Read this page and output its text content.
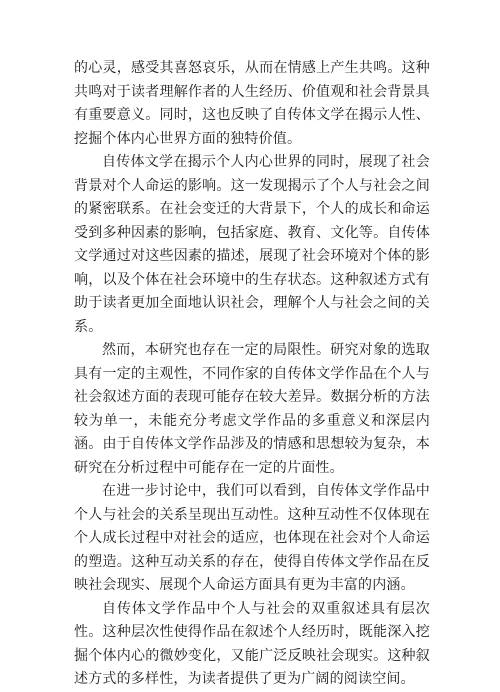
的心灵，感受其喜怒哀乐，从而在情感上产生共鸣。这种共鸣对于读者理解作者的人生经历、价值观和社会背景具有重要意义。同时，这也反映了自传体文学在揭示人性、挖掘个体内心世界方面的独特价值。

自传体文学在揭示个人内心世界的同时，展现了社会背景对个人命运的影响。这一发现揭示了个人与社会之间的紧密联系。在社会变迁的大背景下，个人的成长和命运受到多种因素的影响，包括家庭、教育、文化等。自传体文学通过对这些因素的描述，展现了社会环境对个体的影响，以及个体在社会环境中的生存状态。这种叙述方式有助于读者更加全面地认识社会，理解个人与社会之间的关系。

然而，本研究也存在一定的局限性。研究对象的选取具有一定的主观性，不同作家的自传体文学作品在个人与社会叙述方面的表现可能存在较大差异。数据分析的方法较为单一，未能充分考虑文学作品的多重意义和深层内涵。由于自传体文学作品涉及的情感和思想较为复杂，本研究在分析过程中可能存在一定的片面性。

在进一步讨论中，我们可以看到，自传体文学作品中个人与社会的关系呈现出互动性。这种互动性不仅体现在个人成长过程中对社会的适应，也体现在社会对个人命运的塑造。这种互动关系的存在，使得自传体文学作品在反映社会现实、展现个人命运方面具有更为丰富的内涵。

自传体文学作品中个人与社会的双重叙述具有层次性。这种层次性使得作品在叙述个人经历时，既能深入挖掘个体内心的微妙变化，又能广泛反映社会现实。这种叙述方式的多样性，为读者提供了更为广阔的阅读空间。
